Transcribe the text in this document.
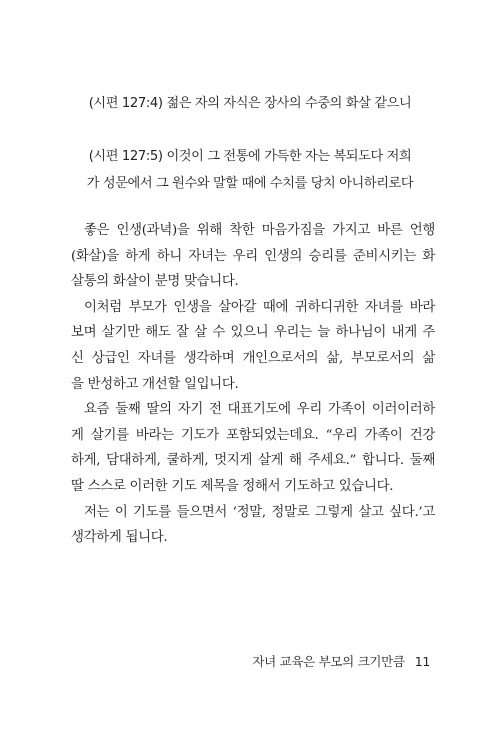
(시편 127:4) 젊은 자의 자식은 장사의 수중의 화살 같으니
(시편 127:5) 이것이 그 전통에 가득한 자는 복되도다 저희
가 성문에서 그 원수와 말할 때에 수치를 당치 아니하리로다
좋은 인생(과녁)을 위해 착한 마음가짐을 가지고 바른 언행
(화살)을 하게 하니 자녀는 우리 인생의 승리를 준비시키는 화
살통의 화살이 분명 맞습니다.
이처럼 부모가 인생을 살아갈 때에 귀하디귀한 자녀를 바라
보며 살기만 해도 잘 살 수 있으니 우리는 늘 하나님이 내게 주
신 상급인 자녀를 생각하며 개인으로서의 삶, 부모로서의 삶
을 반성하고 개선할 일입니다.
요즘 둘째 딸의 자기 전 대표기도에 우리 가족이 이러이러하
게 살기를 바라는 기도가 포함되었는데요. “우리 가족이 건강
하게, 담대하게, 쿨하게, 멋지게 살게 해 주세요.” 합니다. 둘째
딸 스스로 이러한 기도 제목을 정해서 기도하고 있습니다.
저는 이 기도를 들으면서 ‘정말, 정말로 그렇게 살고 싶다.’고
생각하게 됩니다.
자녀 교육은 부모의 크기만큼 11
